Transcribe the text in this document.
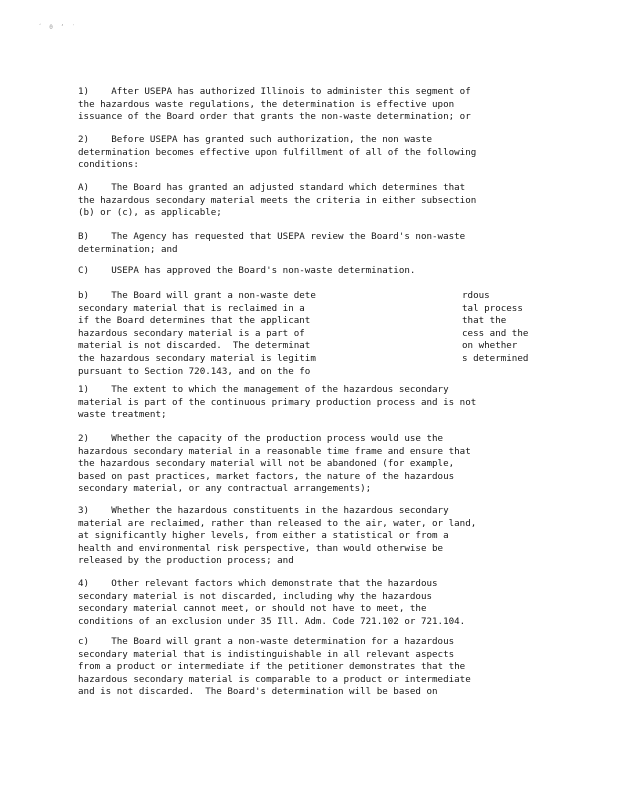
´ 0 ‘ ˙
1)    After USEPA has authorized Illinois to administer this segment of
the hazardous waste regulations, the determination is effective upon
issuance of the Board order that grants the non-waste determination; or
2)    Before USEPA has granted such authorization, the non waste
determination becomes effective upon fulfillment of all of the following
conditions:
A)    The Board has granted an adjusted standard which determines that
the hazardous secondary material meets the criteria in either subsection
(b) or (c), as applicable;
B)    The Agency has requested that USEPA review the Board's non-waste
determination; and
C)    USEPA has approved the Board's non-waste determination.
b)    The Board will grant a non-waste dete
secondary material that is reclaimed in a
if the Board determines that the applicant
hazardous secondary material is a part of
material is not discarded.  The determinat
the hazardous secondary material is legitim
pursuant to Section 720.143, and on the fo
rdous
tal process
that the
cess and the
on whether
s determined

1)    The extent to which the management of the hazardous secondary
material is part of the continuous primary production process and is not
waste treatment;
2)    Whether the capacity of the production process would use the
hazardous secondary material in a reasonable time frame and ensure that
the hazardous secondary material will not be abandoned (for example,
based on past practices, market factors, the nature of the hazardous
secondary material, or any contractual arrangements);
3)    Whether the hazardous constituents in the hazardous secondary
material are reclaimed, rather than released to the air, water, or land,
at significantly higher levels, from either a statistical or from a
health and environmental risk perspective, than would otherwise be
released by the production process; and
4)    Other relevant factors which demonstrate that the hazardous
secondary material is not discarded, including why the hazardous
secondary material cannot meet, or should not have to meet, the
conditions of an exclusion under 35 Ill. Adm. Code 721.102 or 721.104.
c)    The Board will grant a non-waste determination for a hazardous
secondary material that is indistinguishable in all relevant aspects
from a product or intermediate if the petitioner demonstrates that the
hazardous secondary material is comparable to a product or intermediate
and is not discarded.  The Board's determination will be based on
